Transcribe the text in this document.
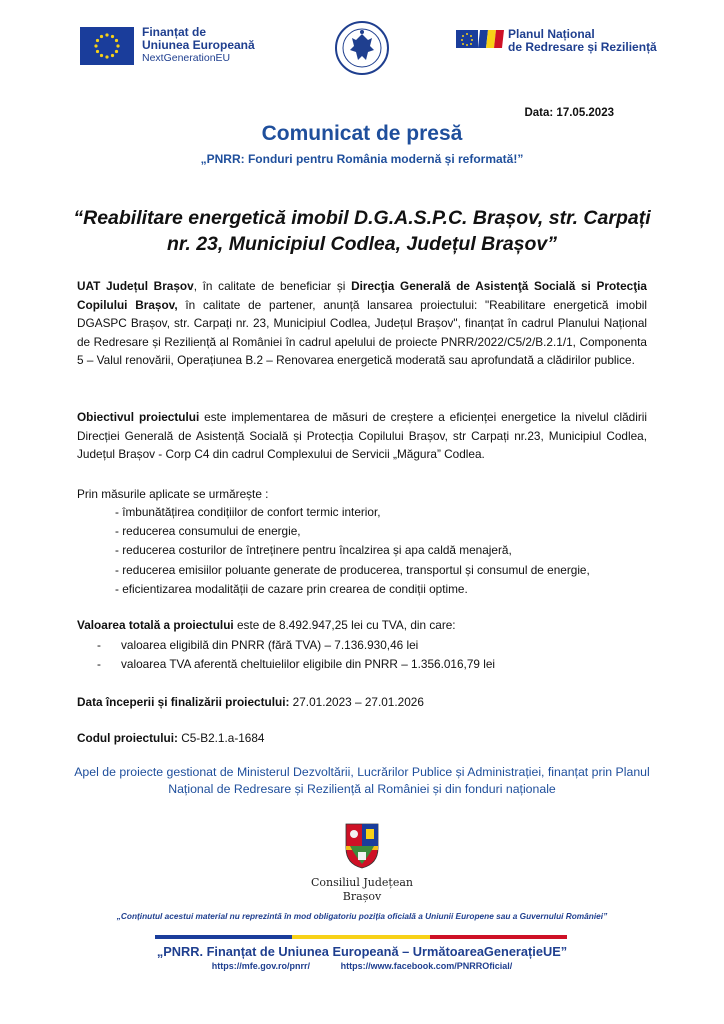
Finanțat de
Uniunea Europeană
NextGenerationEU
Planul Național
de Redresare și Reziliență
Data: 17.05.2023
Comunicat de presă
„PNRR: Fonduri pentru România modernă și reformată!”
“Reabilitare energetică imobil D.G.A.S.P.C. Brașov, str. Carpați
nr. 23, Municipiul Codlea, Județul Brașov”
UAT Județul Brașov, în calitate de beneficiar și Direcţia Generală de Asistenţă Socială si Protecţia Copilului Brașov, în calitate de partener, anunță lansarea proiectului: "Reabilitare energetică imobil DGASPC Brașov, str. Carpați nr. 23, Municipiul Codlea, Județul Brașov", finanțat în cadrul Planului Național de Redresare și Reziliență al României în cadrul apelului de proiecte PNRR/2022/C5/2/B.2.1/1, Componenta 5 – Valul renovării, Operațiunea B.2 – Renovarea energetică moderată sau aprofundată a clădirilor publice.
Obiectivul proiectului este implementarea de măsuri de creștere a eficienței energetice la nivelul clădirii Direcției Generală de Asistență Socială și Protecția Copilului Brașov, str Carpați nr.23, Municipiul Codlea, Județul Brașov - Corp C4 din cadrul Complexului de Servicii „Măgura” Codlea.
Prin măsurile aplicate se urmărește :
- îmbunătățirea condițiilor de confort termic interior,
- reducerea consumului de energie,
- reducerea costurilor de întreținere pentru încalzirea și apa caldă menajeră,
- reducerea emisiilor poluante generate de producerea, transportul și consumul de energie,
- eficientizarea modalității de cazare prin crearea de condiții optime.
Valoarea totală a proiectului este de 8.492.947,25 lei cu TVA, din care:
-	valoarea eligibilă din PNRR (fără TVA) – 7.136.930,46 lei
-	valoarea TVA aferentă cheltuielilor eligibile din PNRR – 1.356.016,79 lei
Data începerii și finalizării proiectului: 27.01.2023 – 27.01.2026
Codul proiectului: C5-B2.1.a-1684
Apel de proiecte gestionat de Ministerul Dezvoltării, Lucrărilor Publice și Administrației, finanțat prin Planul Național de Redresare și Reziliență al României și din fonduri naționale
Consiliul Județean
Brașov
„Conținutul acestui material nu reprezintă în mod obligatoriu poziția oficială a Uniunii Europene sau a Guvernului României”
„PNRR. Finanțat de Uniunea Europeană – UrmătoareaGenerațieUE”
https://mfe.gov.ro/pnrr/	https://www.facebook.com/PNRROficial/
